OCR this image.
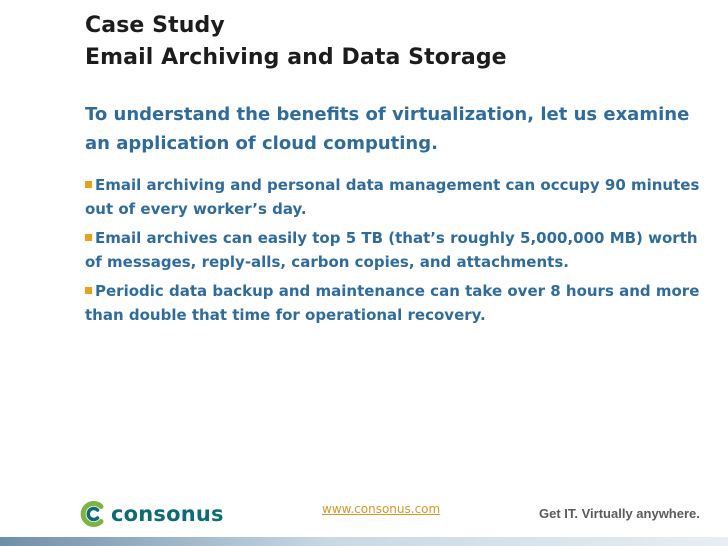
Case Study
Email Archiving and Data Storage

To understand the benefits of virtualization, let us examine an application of cloud computing.

Email archiving and personal data management can occupy 90 minutes out of every worker’s day.
Email archives can easily top 5 TB (that’s roughly 5,000,000 MB) worth of messages, reply-alls, carbon copies, and attachments.
Periodic data backup and maintenance can take over 8 hours and more than double that time for operational recovery.
consonus	www.consonus.com	Get IT. Virtually anywhere.
